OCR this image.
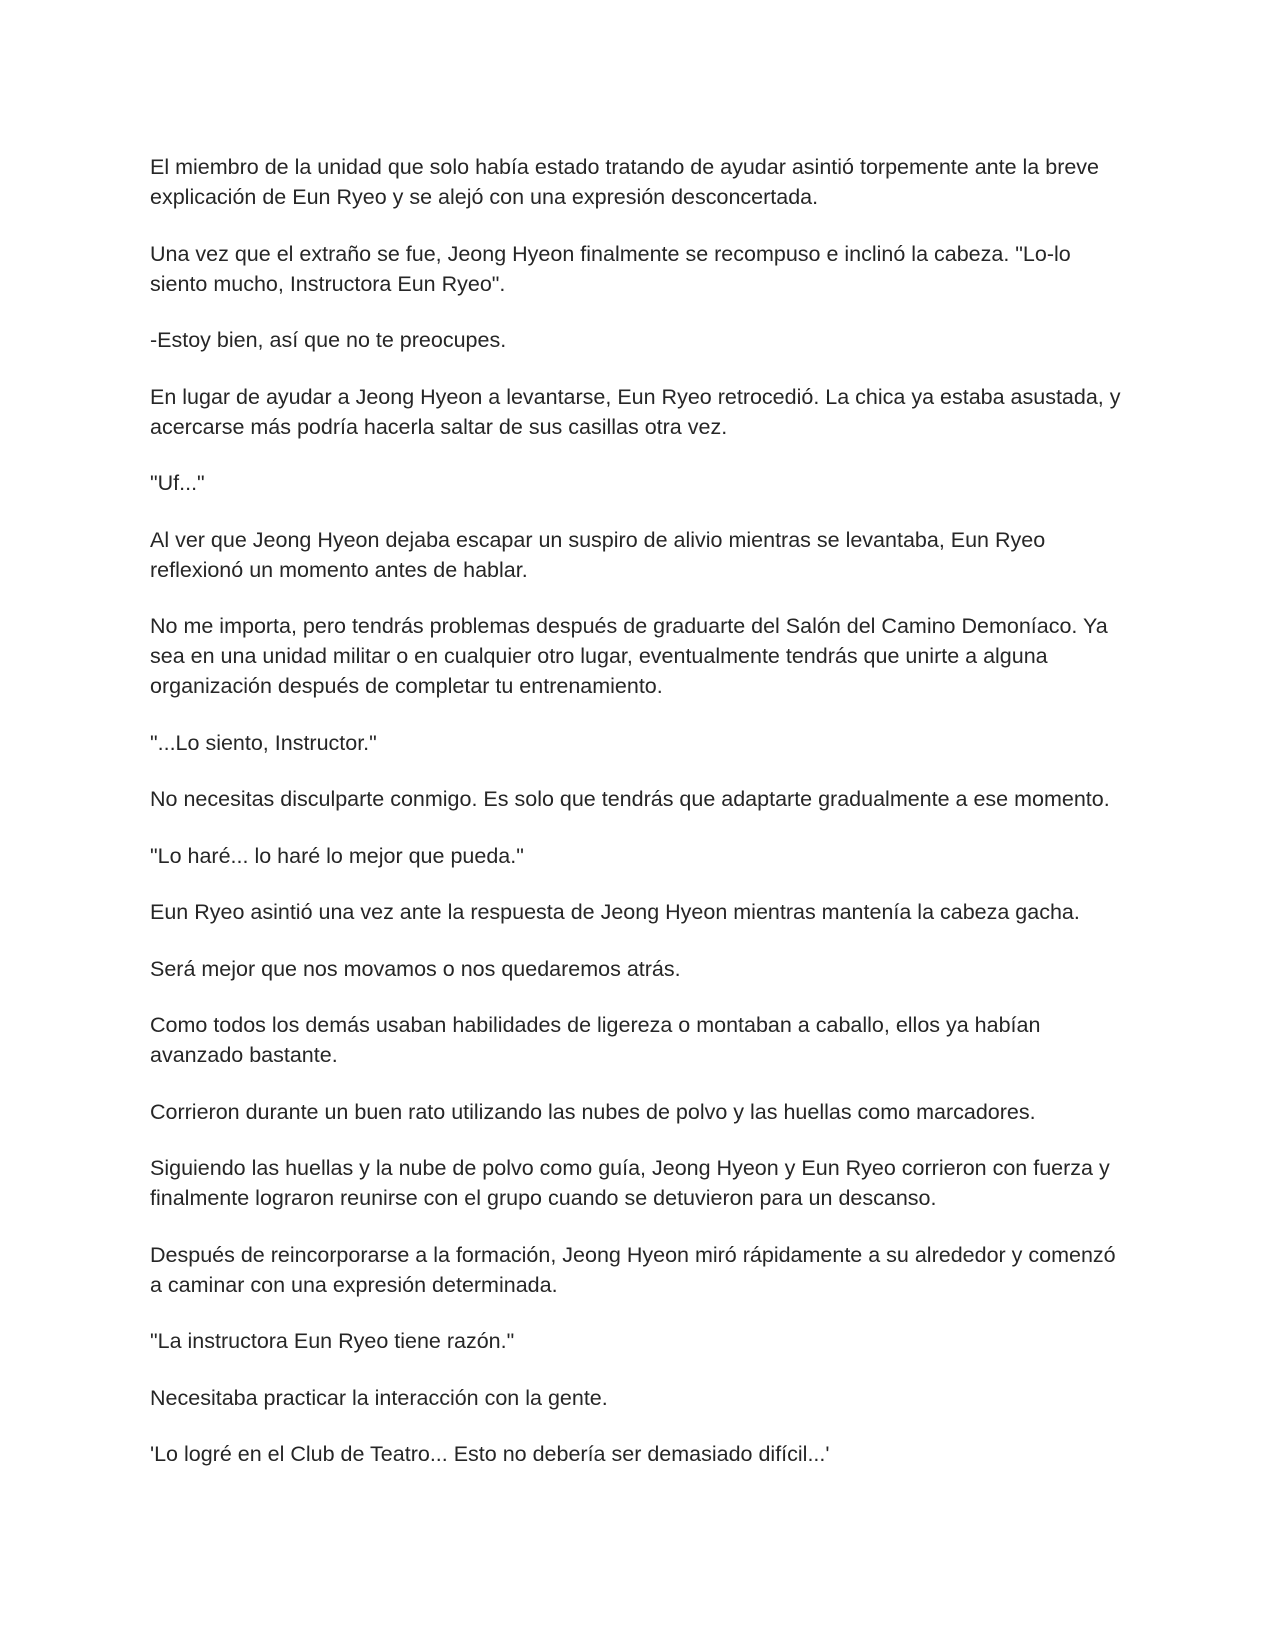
El miembro de la unidad que solo había estado tratando de ayudar asintió torpemente ante la breve explicación de Eun Ryeo y se alejó con una expresión desconcertada.

Una vez que el extraño se fue, Jeong Hyeon finalmente se recompuso e inclinó la cabeza. "Lo-lo siento mucho, Instructora Eun Ryeo".

-Estoy bien, así que no te preocupes.

En lugar de ayudar a Jeong Hyeon a levantarse, Eun Ryeo retrocedió. La chica ya estaba asustada, y acercarse más podría hacerla saltar de sus casillas otra vez.

"Uf..."

Al ver que Jeong Hyeon dejaba escapar un suspiro de alivio mientras se levantaba, Eun Ryeo reflexionó un momento antes de hablar.

No me importa, pero tendrás problemas después de graduarte del Salón del Camino Demoníaco. Ya sea en una unidad militar o en cualquier otro lugar, eventualmente tendrás que unirte a alguna organización después de completar tu entrenamiento.

"...Lo siento, Instructor."

No necesitas disculparte conmigo. Es solo que tendrás que adaptarte gradualmente a ese momento.

"Lo haré... lo haré lo mejor que pueda."

Eun Ryeo asintió una vez ante la respuesta de Jeong Hyeon mientras mantenía la cabeza gacha.

Será mejor que nos movamos o nos quedaremos atrás.

Como todos los demás usaban habilidades de ligereza o montaban a caballo, ellos ya habían avanzado bastante.

Corrieron durante un buen rato utilizando las nubes de polvo y las huellas como marcadores.

Siguiendo las huellas y la nube de polvo como guía, Jeong Hyeon y Eun Ryeo corrieron con fuerza y finalmente lograron reunirse con el grupo cuando se detuvieron para un descanso.

Después de reincorporarse a la formación, Jeong Hyeon miró rápidamente a su alrededor y comenzó a caminar con una expresión determinada.

"La instructora Eun Ryeo tiene razón."

Necesitaba practicar la interacción con la gente.

'Lo logré en el Club de Teatro... Esto no debería ser demasiado difícil...'
